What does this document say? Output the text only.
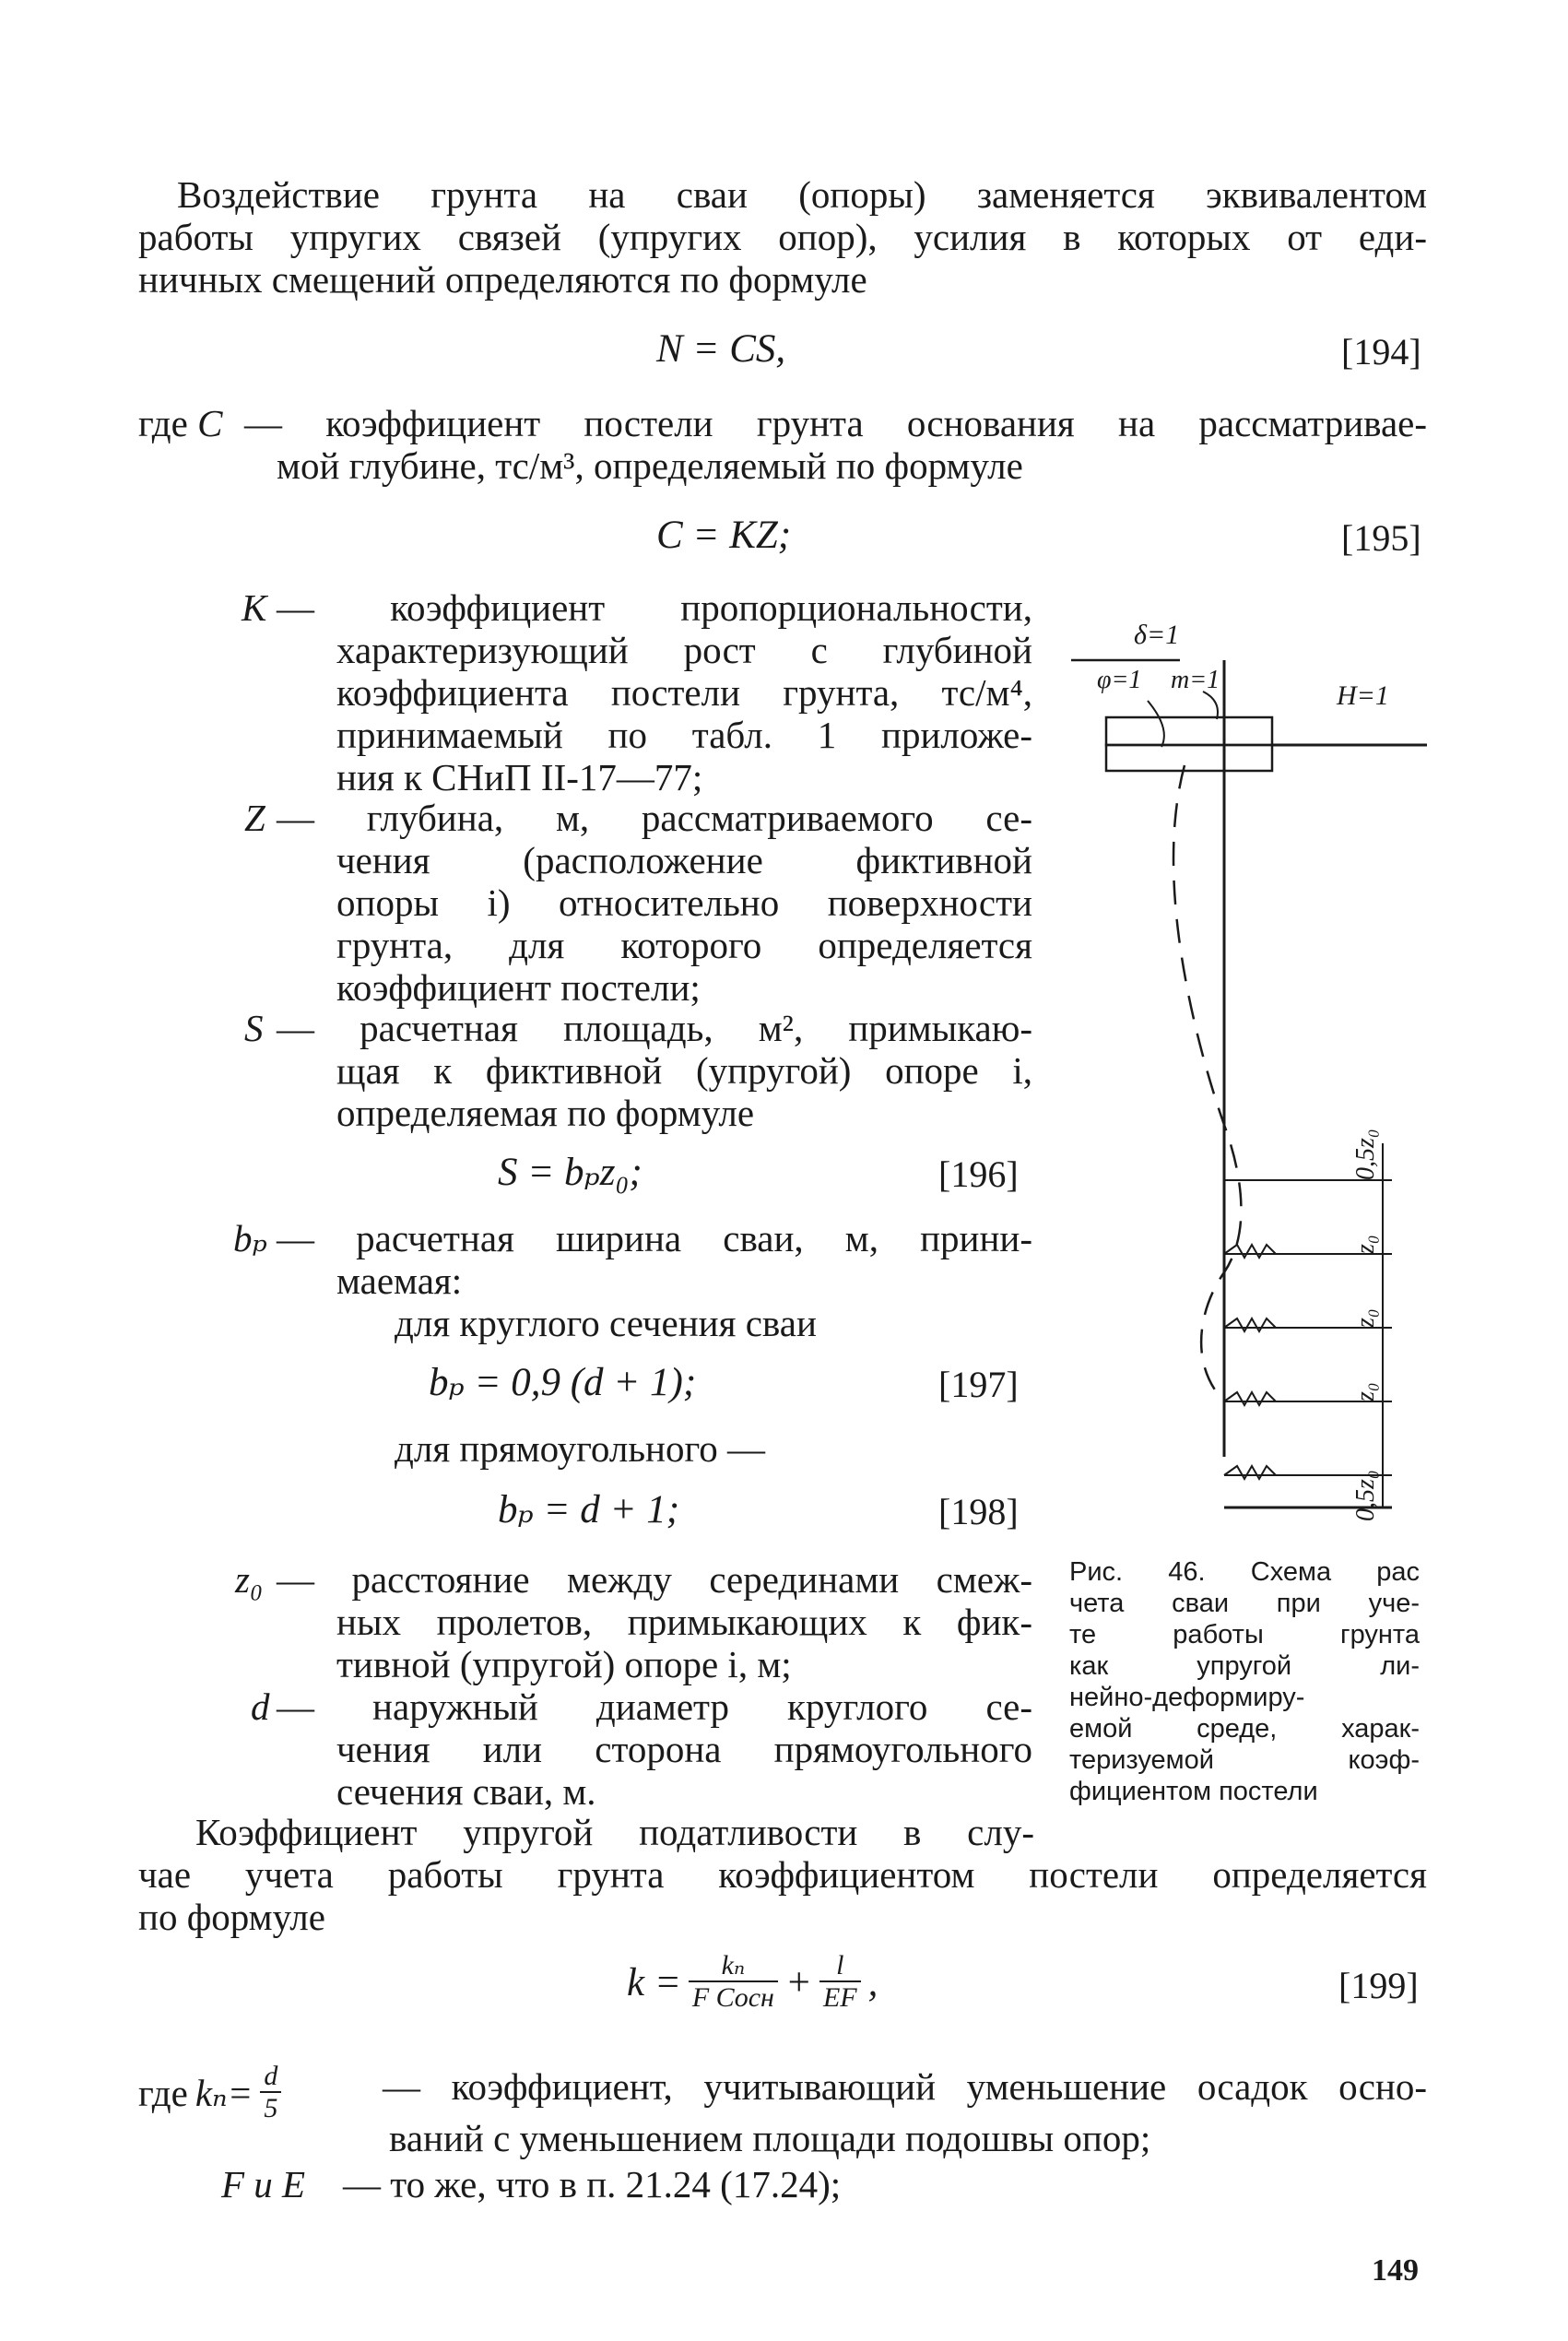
Воздействие грунта на сваи (опоры) заменяется эквивалентом
работы упругих связей (упругих опор), усилия в которых от еди-
ничных смещений определяются по формуле
N = CS,	[194]
где C — коэффициент постели грунта основания на рассматривае-
мой глубине, тс/м³, определяемый по формуле
C = KZ;	[195]
K — коэффициент пропорциональности,
характеризующий рост с глубиной
коэффициента постели грунта, тс/м⁴,
принимаемый по табл. 1 приложе-
ния к СНиП II-17—77;
Z — глубина, м, рассматриваемого се-
чения (расположение фиктивной
опоры i) относительно поверхности
грунта, для которого определяется
коэффициент постели;
S — расчетная площадь, м², примыкаю-
щая к фиктивной (упругой) опоре i,
определяемая по формуле
S = bₚz₀;	[196]
bₚ — расчетная ширина сваи, м, прини-
маемая:
для круглого сечения сваи
bₚ = 0,9 (d + 1);	[197]
для прямоугольного —
bₚ = d + 1;	[198]
z₀ — расстояние между серединами смеж-
ных пролетов, примыкающих к фик-
тивной (упругой) опоре i, м;
d — наружный диаметр круглого се-
чения или сторона прямоугольного
сечения сваи, м.
δ=1
φ=1 m=1
H=1
0,5z₀
z₀
z₀
z₀
0,5z₀
Рис. 46. Схема рас
чета сваи при уче-
те работы грунта
как упругой ли-
нейно-деформиру-
емой среде, харак-
теризуемой коэф-
фициентом постели
Коэффициент упругой податливости в слу-
чае учета работы грунта коэффициентом постели определяется
по формуле
$k = \frac{\text{kₙ}}{\text{F Cосн}} + \frac{l}{EF}$ ,	[199]
где $k_n= \frac{d}{5}$	— коэффициент, учитывающий уменьшение осадок осно-
ваний с уменьшением площади подошвы опор;
F и E — то же, что в п. 21.24 (17.24);
149
